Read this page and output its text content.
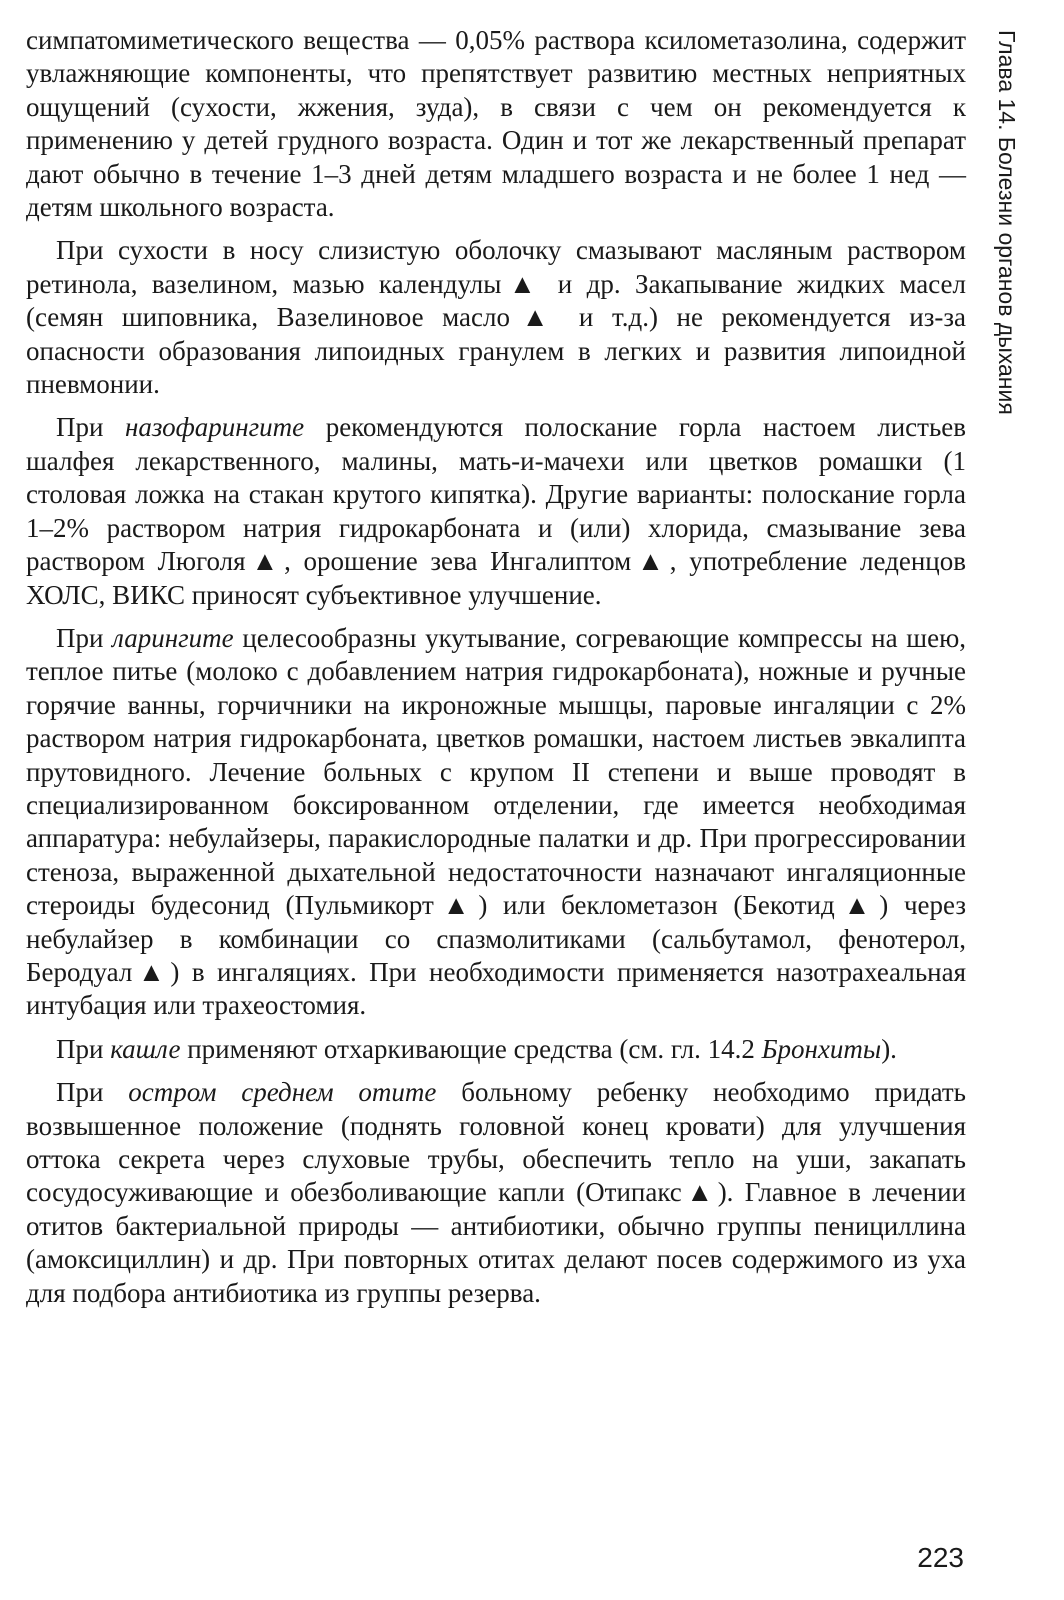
Глава 14. Болезни органов дыхания

симпатомиметического вещества — 0,05% раствора ксилометазолина, содержит увлажняющие компоненты, что препятствует развитию местных неприятных ощущений (сухости, жжения, зуда), в связи с чем он рекомендуется к применению у детей грудного возраста. Один и тот же лекарственный препарат дают обычно в течение 1–3 дней детям младшего возраста и не более 1 нед — детям школьного возраста.

При сухости в носу слизистую оболочку смазывают масляным раствором ретинола, вазелином, мазью календулы▲ и др. Закапывание жидких масел (семян шиповника, Вазелиновое масло▲ и т.д.) не рекомендуется из-за опасности образования липоидных гранулем в легких и развития липоидной пневмонии.

При назофарингите рекомендуются полоскание горла настоем листьев шалфея лекарственного, малины, мать-и-мачехи или цветков ромашки (1 столовая ложка на стакан крутого кипятка). Другие варианты: полоскание горла 1–2% раствором натрия гидрокарбоната и (или) хлорида, смазывание зева раствором Люголя▲, орошение зева Ингалиптом▲, употребление леденцов ХОЛС, ВИКС приносят субъективное улучшение.

При ларингите целесообразны укутывание, согревающие компрессы на шею, теплое питье (молоко с добавлением натрия гидрокарбоната), ножные и ручные горячие ванны, горчичники на икроножные мышцы, паровые ингаляции с 2% раствором натрия гидрокарбоната, цветков ромашки, настоем листьев эвкалипта прутовидного. Лечение больных с крупом II степени и выше проводят в специализированном боксированном отделении, где имеется необходимая аппаратура: небулайзеры, паракислородные палатки и др. При прогрессировании стеноза, выраженной дыхательной недостаточности назначают ингаляционные стероиды будесонид (Пульмикорт▲) или беклометазон (Бекотид▲) через небулайзер в комбинации со спазмолитиками (сальбутамол, фенотерол, Беродуал▲) в ингаляциях. При необходимости применяется назотрахеальная интубация или трахеостомия.

При кашле применяют отхаркивающие средства (см. гл. 14.2 Бронхиты).

При остром среднем отите больному ребенку необходимо придать возвышенное положение (поднять головной конец кровати) для улучшения оттока секрета через слуховые трубы, обеспечить тепло на уши, закапать сосудосуживающие и обезболивающие капли (Отипакс▲). Главное в лечении отитов бактериальной природы — антибиотики, обычно группы пенициллина (амоксициллин) и др. При повторных отитах делают посев содержимого из уха для подбора антибиотика из группы резерва.

223
